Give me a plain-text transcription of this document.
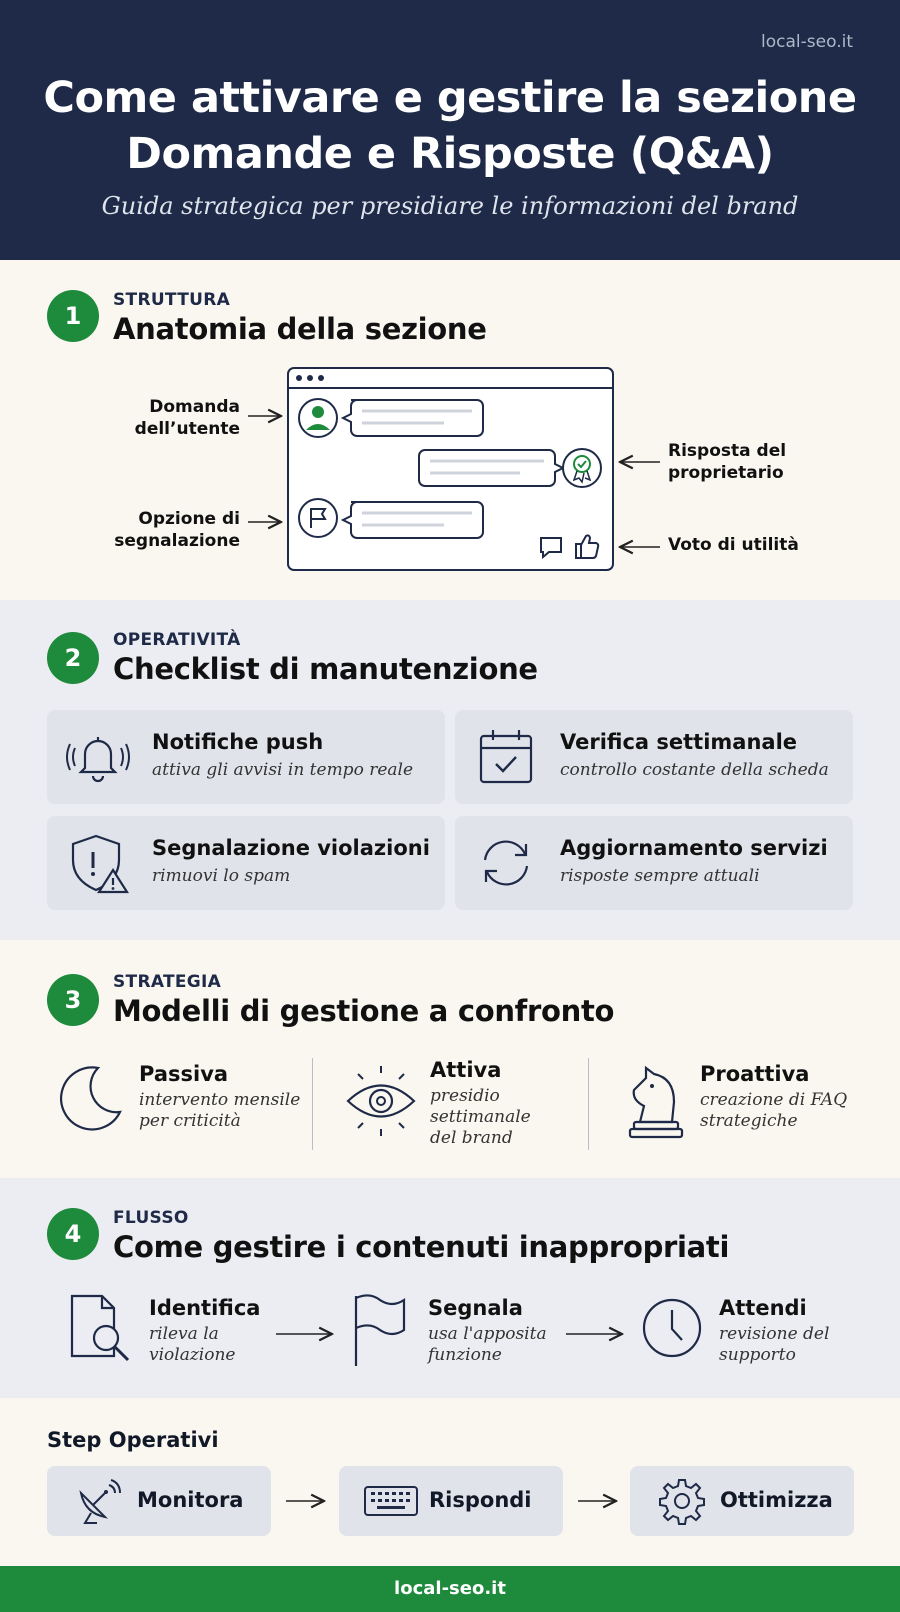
local-seo.it
Come attivare e gestire la sezione
Domande e Risposte (Q&A)
Guida strategica per presidiare le informazioni del brand
1
STRUTTURA
Anatomia della sezione
Domanda
dell’utente
Opzione di
segnalazione
Risposta del
proprietario
Voto di utilità
2
OPERATIVITÀ
Checklist di manutenzione
Notifiche push
attiva gli avvisi in tempo reale
Verifica settimanale
controllo costante della scheda
Segnalazione violazioni
rimuovi lo spam
Aggiornamento servizi
risposte sempre attuali
3
STRATEGIA
Modelli di gestione a confronto
Passiva
intervento mensile
per criticità
Attiva
presidio
settimanale
del brand
Proattiva
creazione di FAQ
strategiche
4
FLUSSO
Come gestire i contenuti inappropriati
Identifica
rileva la
violazione
Segnala
usa l'apposita
funzione
Attendi
revisione del
supporto
Step Operativi
Monitora	Rispondi	Ottimizza
local-seo.it
